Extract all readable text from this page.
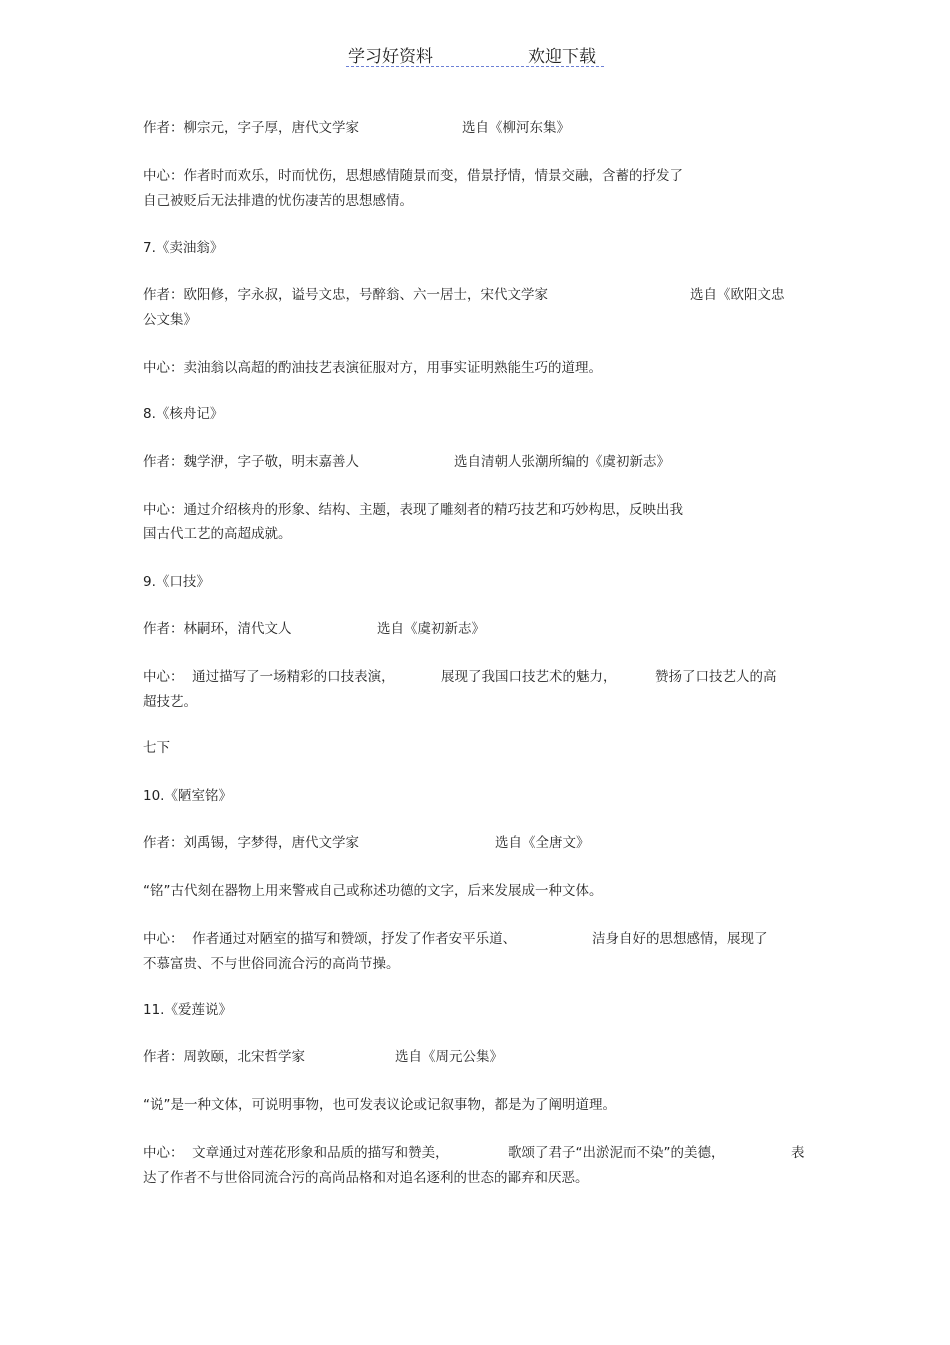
学习好资料	欢迎下载
作者：柳宗元，字子厚，唐代文学家	选自《柳河东集》
中心：作者时而欢乐，时而忧伤，思想感情随景而变，借景抒情，情景交融，含蓄的抒发了
自己被贬后无法排遣的忧伤凄苦的思想感情。
7.《卖油翁》
作者：欧阳修，字永叔，谥号文忠，号醉翁、六一居士，宋代文学家	选自《欧阳文忠
公文集》
中心：卖油翁以高超的酌油技艺表演征服对方，用事实证明熟能生巧的道理。
8.《核舟记》
作者：魏学洢，字子敬，明末嘉善人	选自清朝人张潮所编的《虞初新志》
中心：通过介绍核舟的形象、结构、主题，表现了雕刻者的精巧技艺和巧妙构思，反映出我
国古代工艺的高超成就。
9.《口技》
作者：林嗣环，清代文人	选自《虞初新志》
中心：  通过描写了一场精彩的口技表演，	展现了我国口技艺术的魅力，	赞扬了口技艺人的高
超技艺。
七下
10.《陋室铭》
作者：刘禹锡，字梦得，唐代文学家	选自《全唐文》
“铭”古代刻在器物上用来警戒自己或称述功德的文字，后来发展成一种文体。
中心：  作者通过对陋室的描写和赞颂，抒发了作者安平乐道、	洁身自好的思想感情，展现了
不慕富贵、不与世俗同流合污的高尚节操。
11.《爱莲说》
作者：周敦颐，北宋哲学家	选自《周元公集》
“说”是一种文体，可说明事物，也可发表议论或记叙事物，都是为了阐明道理。
中心：  文章通过对莲花形象和品质的描写和赞美，	歌颂了君子“出淤泥而不染”的美德，	表
达了作者不与世俗同流合污的高尚品格和对追名逐利的世态的鄙弃和厌恶。
